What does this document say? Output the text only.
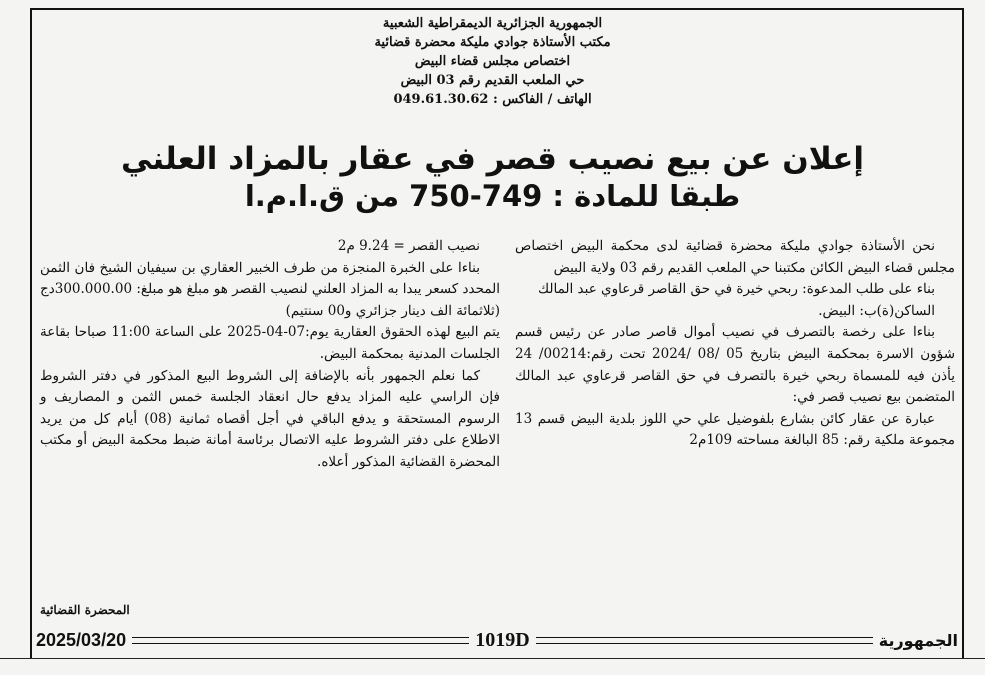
الجمهورية الجزائرية الديمقراطية الشعبية
مكتب الأستاذة جوادي مليكة محضرة قضائية
اختصاص مجلس قضاء البيض
حي الملعب القديم رقم 03 البيض
الهاتف / الفاكس : 049.61.30.62
إعلان عن بيع نصيب قصر في عقار بالمزاد العلني
طبقا للمادة : 749-750 من ق.ا.م.ا

نحن الأستاذة جوادي مليكة محضرة قضائية لدى محكمة البيض اختصاص مجلس قضاء البيض الكائن مكتبنا حي الملعب القديم رقم 03 ولاية البيض

بناء على طلب المدعوة: ربحي خيرة في حق القاصر قرعاوي عبد المالك

الساكن(ة)ب: البيض.

بناءا على رخصة بالتصرف في نصيب أموال قاصر صادر عن رئيس قسم شؤون الاسرة بمحكمة البيض بتاريخ 05 /08 /2024 تحت رقم:00214/ 24 يأذن فيه للمسماة ربحي خيرة بالتصرف في حق القاصر قرعاوي عبد المالك المتضمن بيع نصيب قصر في:

عبارة عن عقار كائن بشارع بلفوضيل علي حي اللوز بلدية البيض قسم 13 مجموعة ملكية رقم: 85 البالغة مساحته 109م2

نصيب القصر = 9.24 م2

بناءا على الخبرة المنجزة من طرف الخبير العقاري بن سيفيان الشيخ فان الثمن المحدد كسعر يبدا به المزاد العلني لنصيب القصر هو مبلغ هو مبلغ: 300.000.00دج (ثلاثمائة الف دينار جزائري و00 سنتيم)

يتم البيع لهذه الحقوق العقارية يوم:07-04-2025 على الساعة 11:00 صباحا بقاعة الجلسات المدنية بمحكمة البيض.

كما نعلم الجمهور بأنه بالإضافة إلى الشروط البيع المذكور في دفتر الشروط فإن الراسي عليه المزاد يدفع حال انعقاد الجلسة خمس الثمن و المصاريف و الرسوم المستحقة و يدفع الباقي في أجل أقصاه ثمانية (08) أيام كل من يريد الاطلاع على دفتر الشروط عليه الاتصال برئاسة أمانة ضبط محكمة البيض أو مكتب المحضرة القضائية المذكور أعلاه.

المحضرة القضائية
2025/03/20	1019D	الجمهورية
